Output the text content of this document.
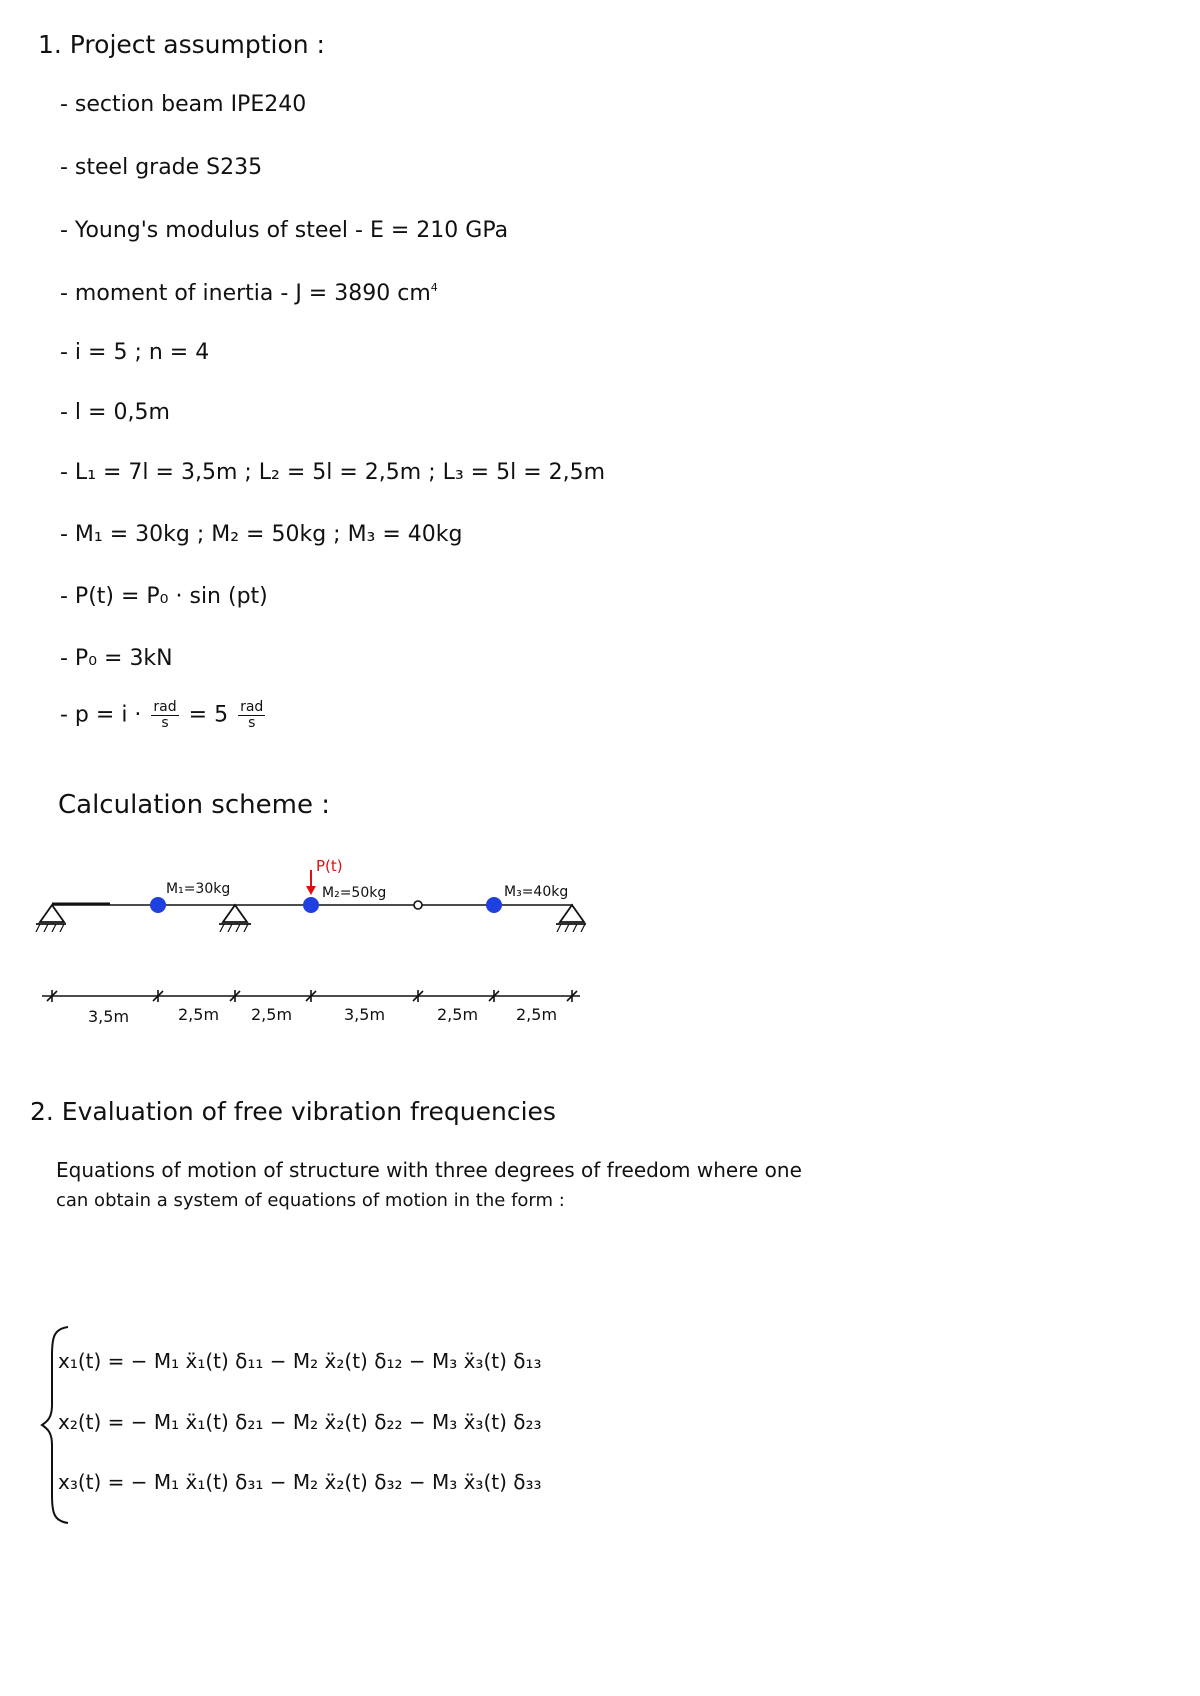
1. Project assumption :
- section beam IPE240
- steel grade S235
- Young's modulus of steel - E = 210 GPa
- moment of inertia - J = 3890 $cm^4$
- i = 5 ; n = 4
- l = 0,5m
- L₁ = 7l = 3,5m ; L₂ = 5l = 2,5m ; L₃ = 5l = 2,5m
- M₁ = 30kg ; M₂ = 50kg ; M₃ = 40kg
- P(t) = P₀ · sin (pt)
- P₀ = 3kN
- $p = i \cdot \frac{\text{rad}}{s} = 5 \frac{\text{rad}}{s}$
Calculation scheme :
M₁=30kg	M₂=50kg	M₃=40kg
P(t)
3,5m	2,5m 2,5m	3,5m	2,5m 2,5m
2. Evaluation of free vibration frequencies
Equations of motion of structure with three degrees of freedom where one
can obtain a system of equations of motion in the form :
x₁(t) = − M₁ ẍ₁(t) δ₁₁ − M₂ ẍ₂(t) δ₁₂ − M₃ ẍ₃(t) δ₁₃
x₂(t) = − M₁ ẍ₁(t) δ₂₁ − M₂ ẍ₂(t) δ₂₂ − M₃ ẍ₃(t) δ₂₃
x₃(t) = − M₁ ẍ₁(t) δ₃₁ − M₂ ẍ₂(t) δ₃₂ − M₃ ẍ₃(t) δ₃₃
